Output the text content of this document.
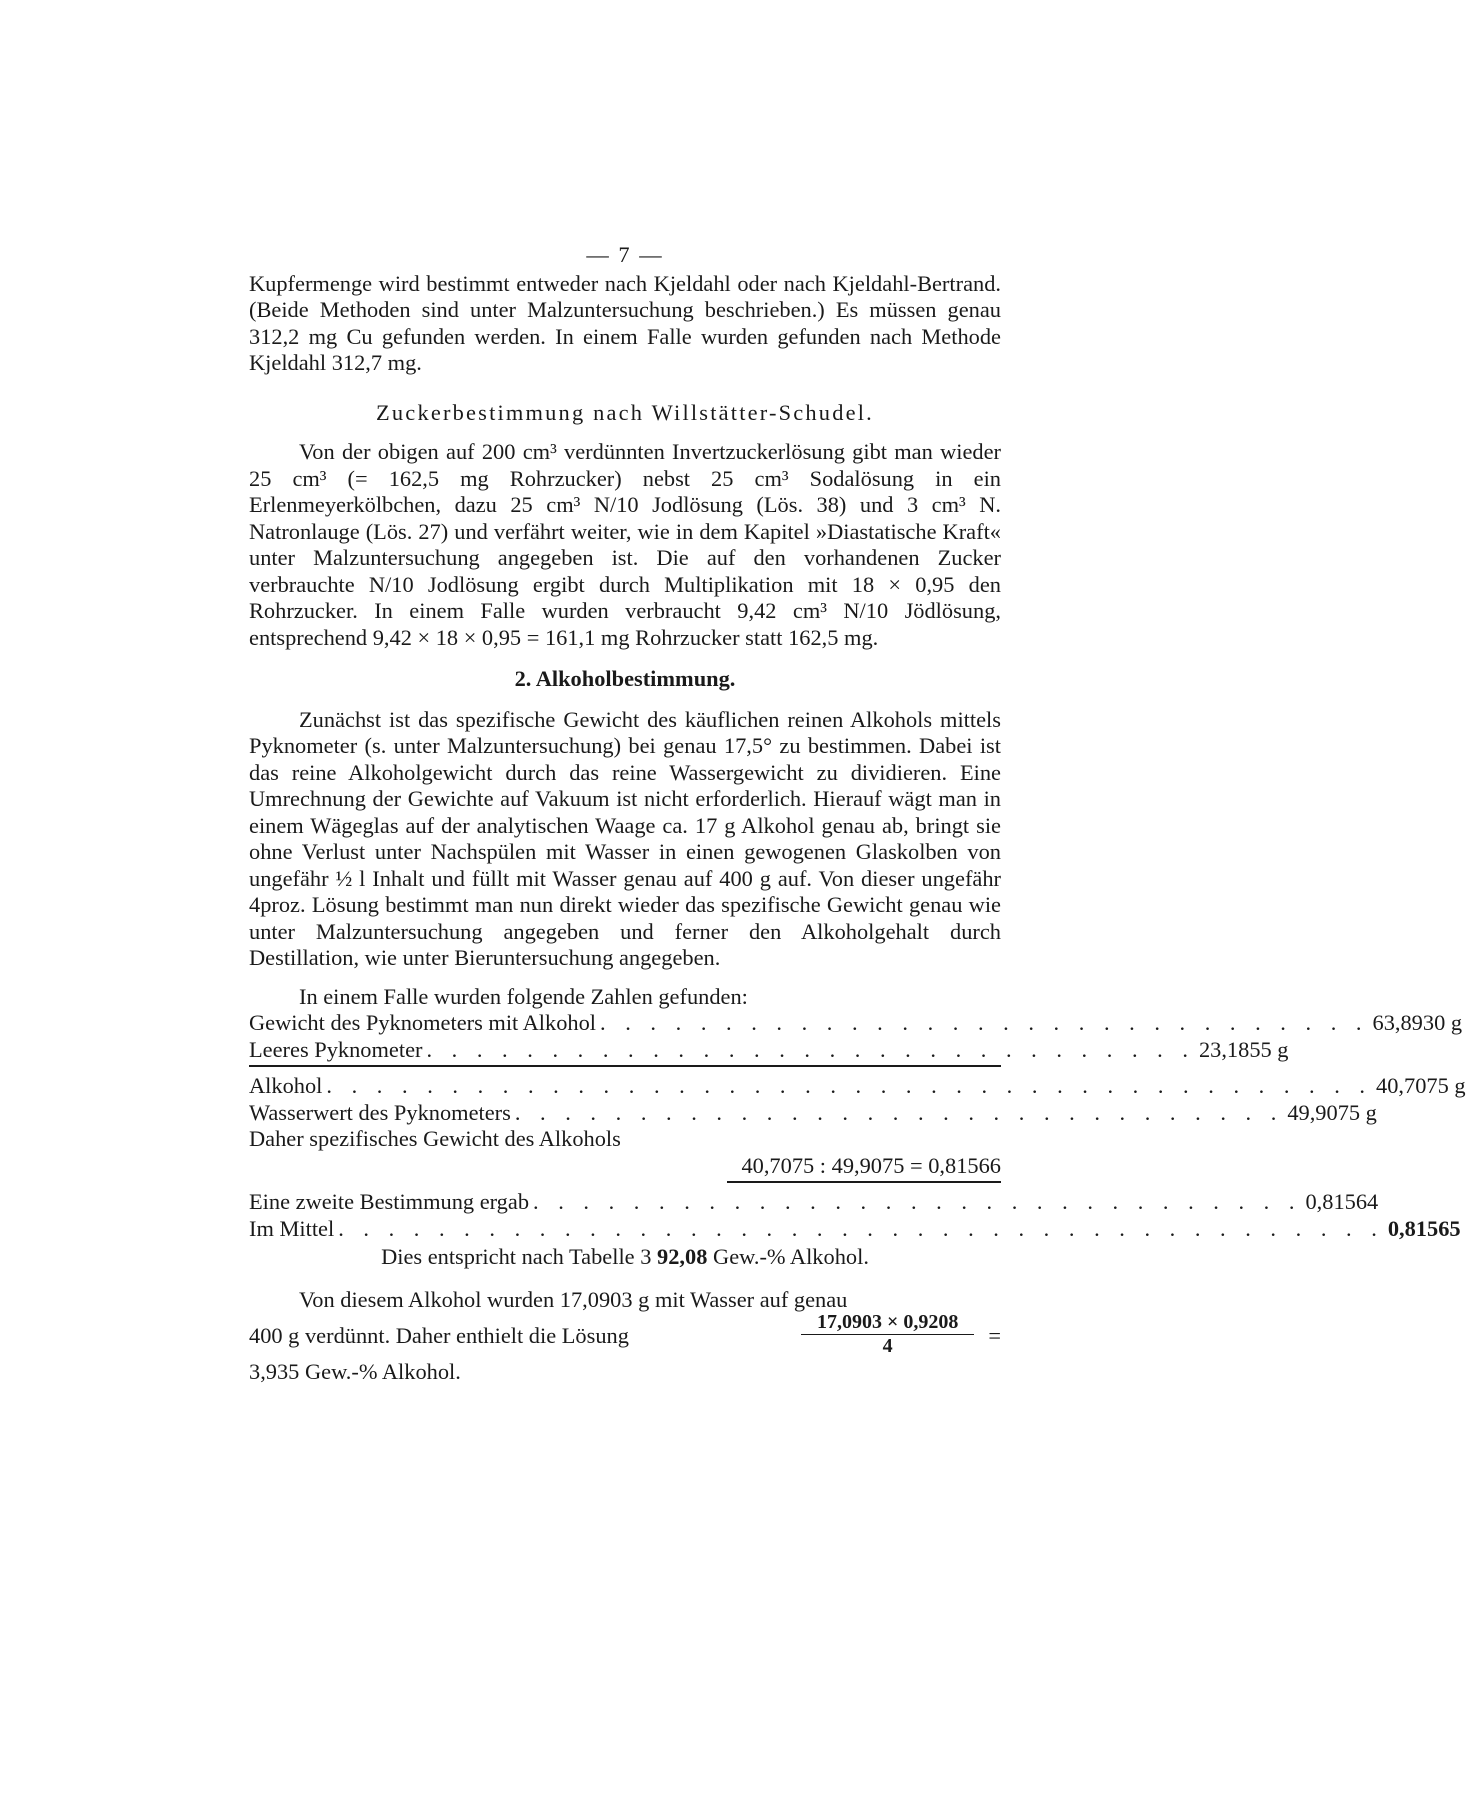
— 7 —

Kupfermenge wird bestimmt entweder nach Kjeldahl oder nach Kjeldahl-Bertrand. (Beide Methoden sind unter Malzuntersuchung beschrieben.) Es müssen genau 312,2 mg Cu gefunden werden. In einem Falle wurden gefunden nach Methode Kjeldahl 312,7 mg.

Zuckerbestimmung nach Willstätter-Schudel.

Von der obigen auf 200 cm³ verdünnten Invertzuckerlösung gibt man wieder 25 cm³ (= 162,5 mg Rohrzucker) nebst 25 cm³ Sodalösung in ein Erlenmeyerkölbchen, dazu 25 cm³ N/10 Jodlösung (Lös. 38) und 3 cm³ N. Natronlauge (Lös. 27) und verfährt weiter, wie in dem Kapitel »Diastatische Kraft« unter Malzuntersuchung angegeben ist. Die auf den vorhandenen Zucker verbrauchte N/10 Jodlösung ergibt durch Multiplikation mit 18 × 0,95 den Rohrzucker. In einem Falle wurden verbraucht 9,42 cm³ N/10 Jödlösung, entsprechend 9,42 × 18 × 0,95 = 161,1 mg Rohrzucker statt 162,5 mg.

2. Alkoholbestimmung.

Zunächst ist das spezifische Gewicht des käuflichen reinen Alkohols mittels Pyknometer (s. unter Malzuntersuchung) bei genau 17,5° zu bestimmen. Dabei ist das reine Alkoholgewicht durch das reine Wassergewicht zu dividieren. Eine Umrechnung der Gewichte auf Vakuum ist nicht erforderlich. Hierauf wägt man in einem Wägeglas auf der analytischen Waage ca. 17 g Alkohol genau ab, bringt sie ohne Verlust unter Nachspülen mit Wasser in einen gewogenen Glaskolben von ungefähr ½ l Inhalt und füllt mit Wasser genau auf 400 g auf. Von dieser ungefähr 4proz. Lösung bestimmt man nun direkt wieder das spezifische Gewicht genau wie unter Malzuntersuchung angegeben und ferner den Alkoholgehalt durch Destillation, wie unter Bieruntersuchung angegeben.

In einem Falle wurden folgende Zahlen gefunden:

Gewicht des Pyknometers mit Alkohol . . . . . . . . . . . . . . . . . . . . . . . . . . . . . . . 63,8930 g
Leeres Pyknometer . . . . . . . . . . . . . . . . . . . . . . . . . . . . . . . 23,1855 g
Alkohol . . . . . . . . . . . . . . . . . . . . . . . . . . . . . . . . . . . . . . . . . . 40,7075 g
Wasserwert des Pyknometers . . . . . . . . . . . . . . . . . . . . . . . . . . . . . . . 49,9075 g
Daher spezifisches Gewicht des Alkohols
40,7075 : 49,9075 = 0,81566
Eine zweite Bestimmung ergab . . . . . . . . . . . . . . . . . . . . . . . . . . . . . . . 0,81564
Im Mittel . . . . . . . . . . . . . . . . . . . . . . . . . . . . . . . . . . . . . . . . . . 0,81565
Dies entspricht nach Tabelle 3 92,08 Gew.-% Alkohol.

Von diesem Alkohol wurden 17,0903 g mit Wasser auf genau

400 g verdünnt. Daher enthielt die Lösung	$\frac{17,0903 \times 0,9208}{4}$ =

3,935 Gew.-% Alkohol.
